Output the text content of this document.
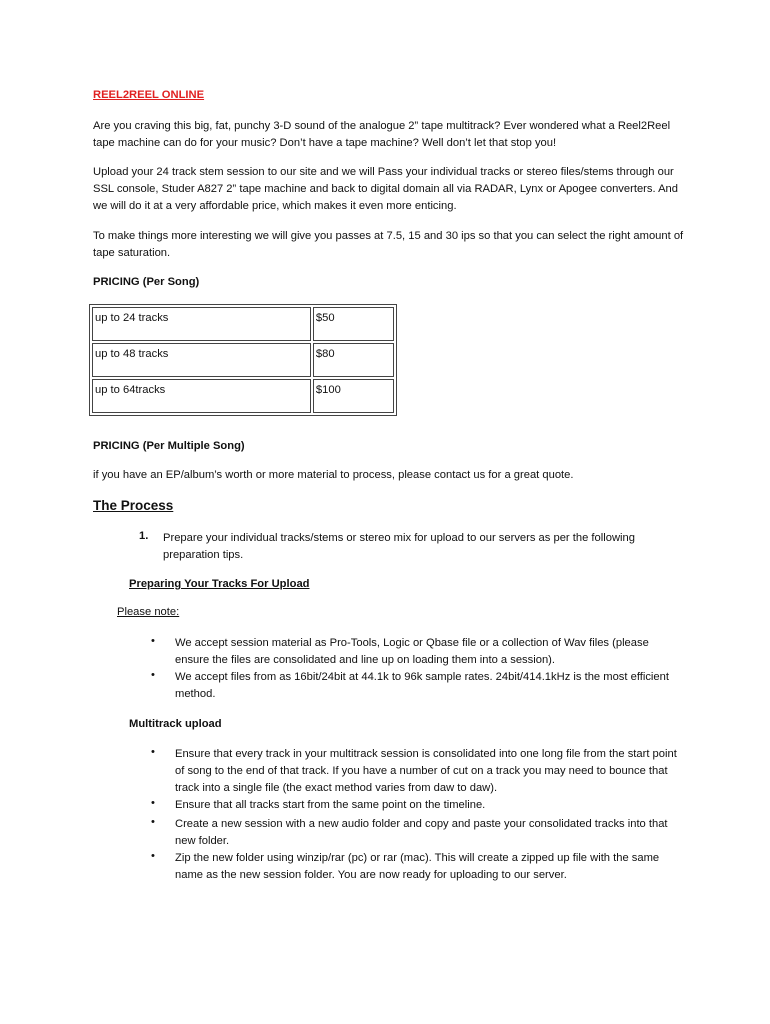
REEL2REEL ONLINE

Are you craving this big, fat, punchy 3-D sound of the analogue 2” tape multitrack? Ever wondered what a Reel2Reel tape machine can do for your music? Don’t have a tape machine? Well don’t let that stop you!

Upload your 24 track stem session to our site and we will Pass your individual tracks or stereo files/stems through our SSL console, Studer A827 2” tape machine and back to digital domain all via RADAR, Lynx or Apogee converters. And we will do it at a very affordable price, which makes it even more enticing.

To make things more interesting we will give you passes at 7.5, 15 and 30 ips so that you can select the right amount of tape saturation.

PRICING (Per Song)

up to 24 tracks	$50
up to 48 tracks	$80
up to 64tracks	$100

PRICING (Per Multiple Song)

if you have an EP/album’s worth or more material to process, please contact us for a great quote.

The Process

1. Prepare your individual tracks/stems or stereo mix for upload to our servers as per the following preparation tips.

Preparing Your Tracks For Upload

Please note:

• We accept session material as Pro-Tools, Logic or Qbase file or a collection of Wav files (please ensure the files are consolidated and line up on loading them into a session).

• We accept files from as 16bit/24bit at 44.1k to 96k sample rates. 24bit/414.1kHz is the most efficient method.

Multitrack upload

• Ensure that every track in your multitrack session is consolidated into one long file from the start point of song to the end of that track. If you have a number of cut on a track you may need to bounce that track into a single file (the exact method varies from daw to daw).

• Ensure that all tracks start from the same point on the timeline.

• Create a new session with a new audio folder and copy and paste your consolidated tracks into that new folder.

• Zip the new folder using winzip/rar (pc) or rar (mac). This will create a zipped up file with the same name as the new session folder. You are now ready for uploading to our server.
